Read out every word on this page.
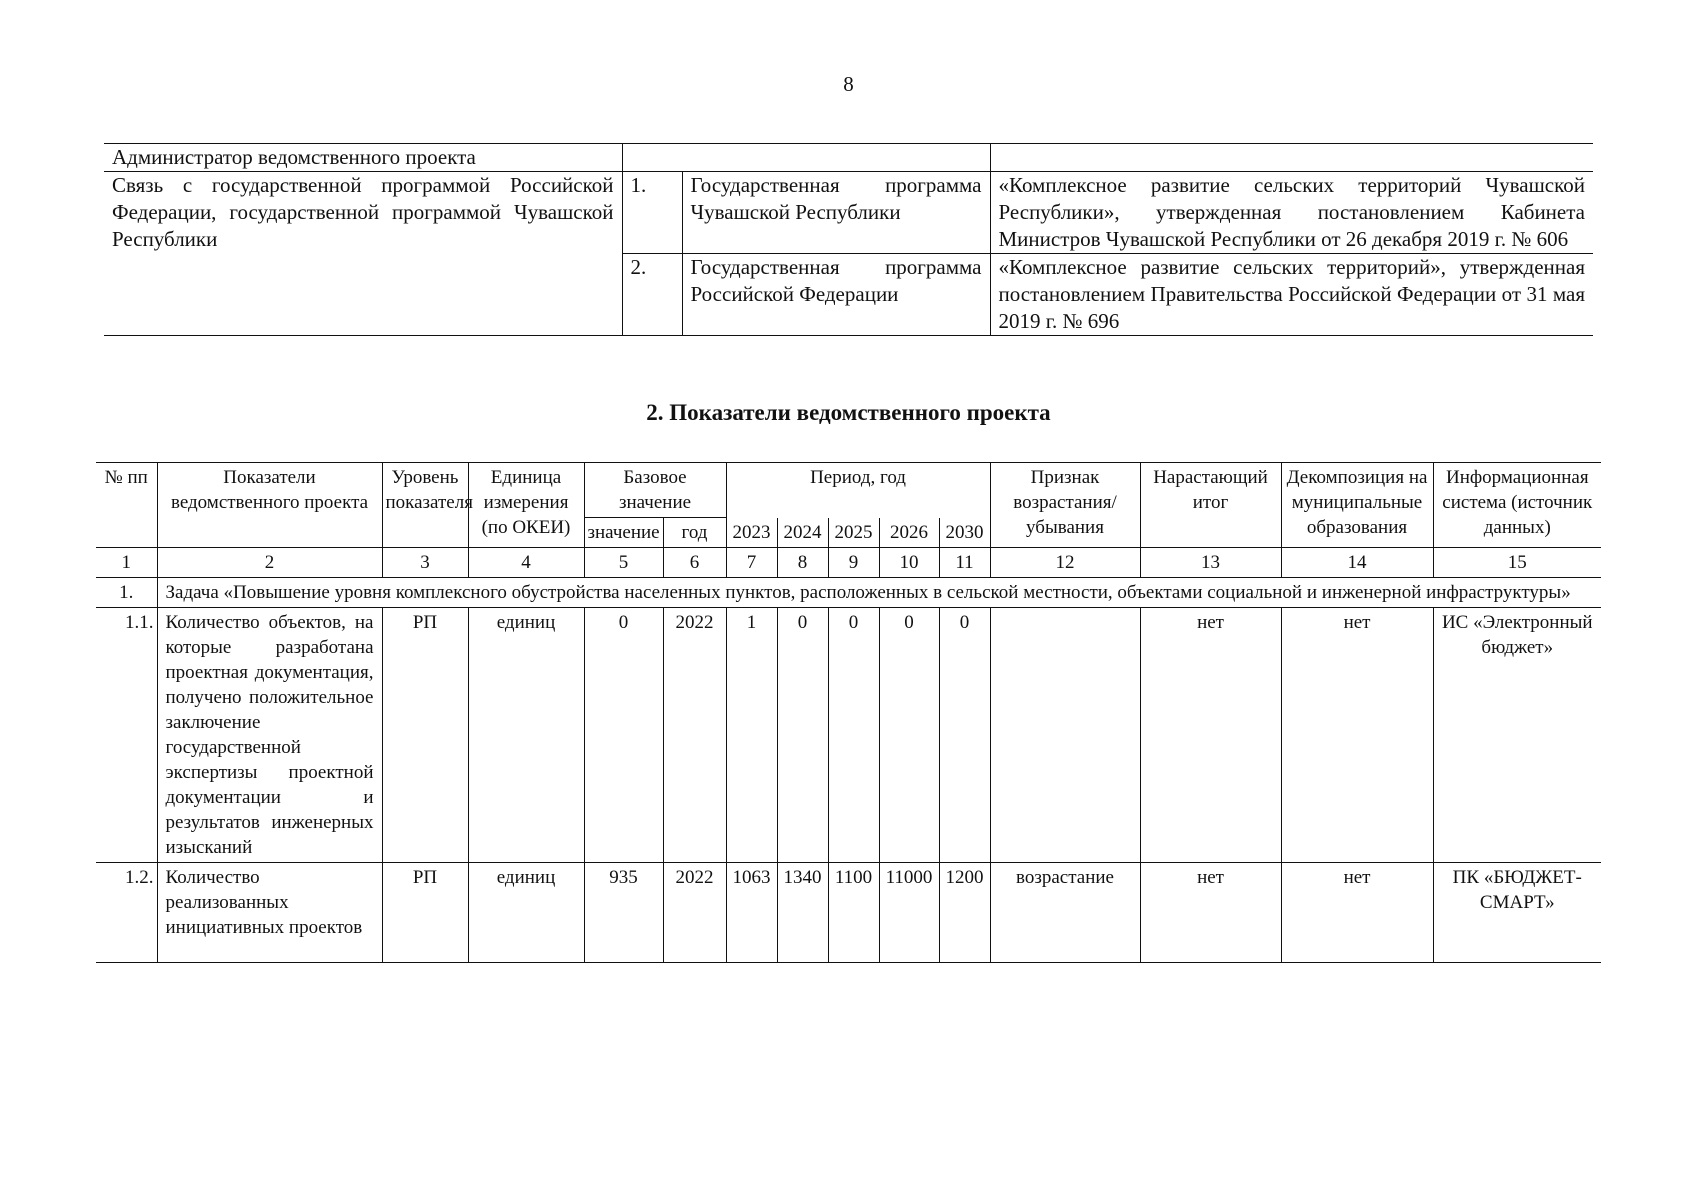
8
Администратор ведомственного проекта			
Связь с государственной программой Российской Федерации, государственной программой Чувашской Республики	1.	Государственная программа Чувашской Республики	«Комплексное развитие сельских территорий Чувашской Республики», утвержденная постановлением Кабинета Министров Чувашской Республики от 26 декабря 2019 г. № 606
	2.	Государственная программа Российской Федерации	«Комплексное развитие сельских территорий», утвержденная постановлением Правительства Российской Федерации от 31 мая 2019 г. № 696
2. Показатели ведомственного проекта
№ пп	Показатели ведомственного проекта	Уровень показателя	Единица измерения (по ОКЕИ)	Базовое значение		Период, год					Признак возрастания/ убывания	Нарастающий итог	Декомпозиция на муниципальные образования	Информационная система (источник данных)
				значение	год	2023	2024	2025	2026	2030				
1	2	3	4	5	6	7	8	9	10	11	12	13	14	15
1.	Задача «Повышение уровня комплексного обустройства населенных пунктов, расположенных в сельской местности, объектами социальной и инженерной инфраструктуры»													
1.1.	Количество объектов, на которые разработана проектная документация, получено положительное заключение государственной экспертизы проектной документации и результатов инженерных изысканий	РП	единиц	0	2022	1	0	0	0	0		нет	нет	ИС «Электронный бюджет»
1.2.	Количество реализованных инициативных проектов	РП	единиц	935	2022	1063	1340	1100	11000	1200	возрастание	нет	нет	ПК «БЮДЖЕТ-СМАРТ»
